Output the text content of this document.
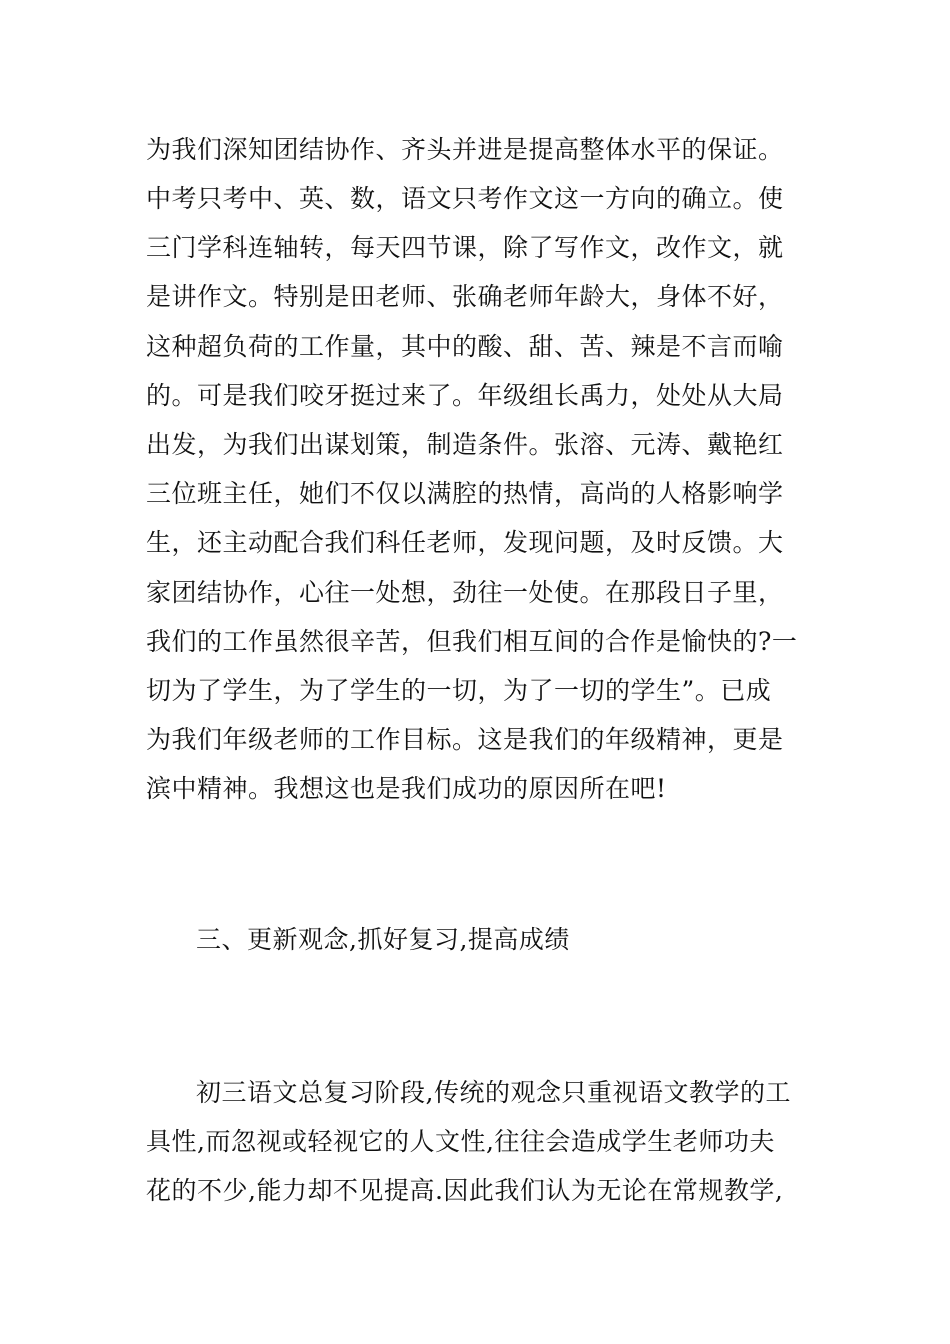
为我们深知团结协作、齐头并进是提高整体水平的保证。
中考只考中、英、数，语文只考作文这一方向的确立。使
三门学科连轴转，每天四节课，除了写作文，改作文，就
是讲作文。特别是田老师、张确老师年龄大，身体不好，
这种超负荷的工作量，其中的酸、甜、苦、辣是不言而喻
的。可是我们咬牙挺过来了。年级组长禹力，处处从大局
出发，为我们出谋划策，制造条件。张溶、元涛、戴艳红
三位班主任，她们不仅以满腔的热情，高尚的人格影响学
生，还主动配合我们科任老师，发现问题，及时反馈。大
家团结协作，心往一处想，劲往一处使。在那段日子里，
我们的工作虽然很辛苦，但我们相互间的合作是愉快的?一
切为了学生，为了学生的一切，为了一切的学生”。已成
为我们年级老师的工作目标。这是我们的年级精神，更是
滨中精神。我想这也是我们成功的原因所在吧!
三、更新观念,抓好复习,提高成绩
初三语文总复习阶段,传统的观念只重视语文教学的工
具性,而忽视或轻视它的人文性,往往会造成学生老师功夫
花的不少,能力却不见提高.因此我们认为无论在常规教学,
